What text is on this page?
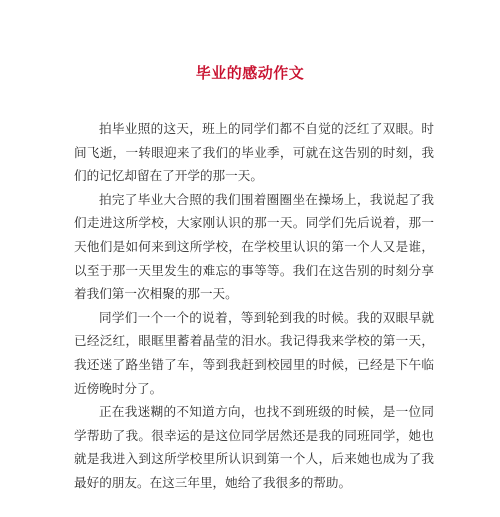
毕业的感动作文

拍毕业照的这天，班上的同学们都不自觉的泛红了双眼。时间飞逝，一转眼迎来了我们的毕业季，可就在这告别的时刻，我们的记忆却留在了开学的那一天。

拍完了毕业大合照的我们围着圈圈坐在操场上，我说起了我们走进这所学校，大家刚认识的那一天。同学们先后说着，那一天他们是如何来到这所学校，在学校里认识的第一个人又是谁，以至于那一天里发生的难忘的事等等。我们在这告别的时刻分享着我们第一次相聚的那一天。

同学们一个一个的说着，等到轮到我的时候。我的双眼早就已经泛红，眼眶里蓄着晶莹的泪水。我记得我来学校的第一天，我还迷了路坐错了车，等到我赶到校园里的时候，已经是下午临近傍晚时分了。

正在我迷糊的不知道方向，也找不到班级的时候，是一位同学帮助了我。很幸运的是这位同学居然还是我的同班同学，她也就是我进入到这所学校里所认识到第一个人，后来她也成为了我最好的朋友。在这三年里，她给了我很多的帮助。
